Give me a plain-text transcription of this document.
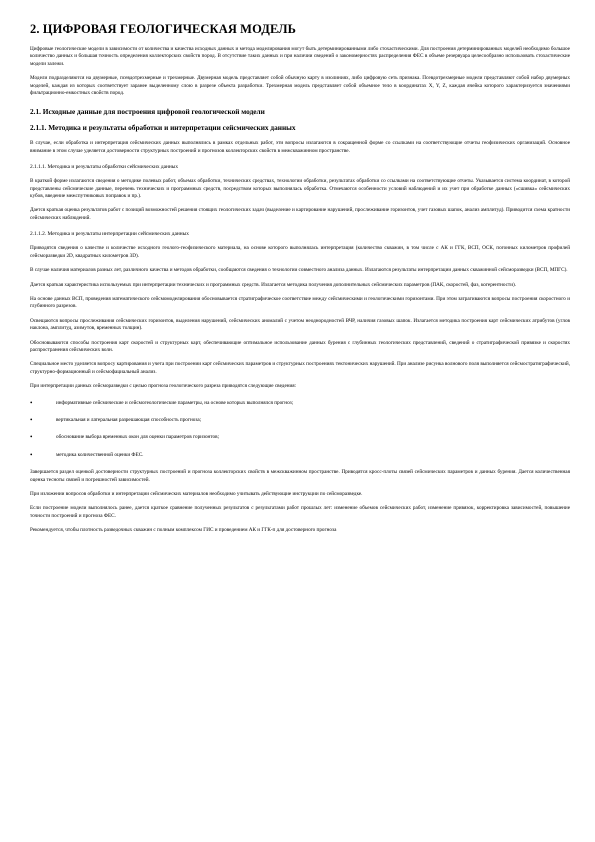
2. ЦИФРОВАЯ ГЕОЛОГИЧЕСКАЯ МОДЕЛЬ

Цифровые геологические модели в зависимости от количества и качества исходных данных и метода моделирования могут быть детерминированными либо стохастическими. Для построения детерминированных моделей необходимо большое количество данных и большая точность определения коллекторских свойств пород. В отсутствие таких данных и при наличии сведений о закономерностях распределения ФЕС в объеме резервуара целесообразно использовать стохастические модели залежи.

Модели подразделяются на двумерные, псевдотрехмерные и трехмерные. Двумерная модель представляет собой обычную карту в изолиниях, либо цифровую сеть признака. Псевдотрехмерные модели представляют собой набор двумерных моделей, каждая из которых соответствует заранее выделенному слою в разрезе объекта разработки. Трехмерная модель представляет собой объемное тело в координатах X, Y, Z, каждая ячейка которого характеризуется значениями фильтрационно-емкостных свойств пород.

2.1. Исходные данные для построения цифровой геологической модели
2.1.1. Методика и результаты обработки и интерпретации сейсмических данных

В случае, если обработка и интерпретация сейсмических данных выполнялись в рамках отдельных работ, эти вопросы излагаются в сокращенной форме со ссылками на соответствующие отчеты геофизических организаций. Основное внимание в этом случае уделяется достоверности структурных построений и прогнозов коллекторских свойств в межскважинном пространстве.

2.1.1.1. Методика и результаты обработки сейсмических данных

В краткой форме излагаются сведения о методике полевых работ, объемах обработки, технических средствах, технологии обработки, результатах обработки со ссылками на соответствующие отчеты. Указывается система координат, в которой представлены сейсмические данные, перечень технических и программных средств, посредством которых выполнялась обработка. Отмечаются особенности условий наблюдений и их учет при обработке данных («сшивка» сейсмических кубов, введение межспутниковых поправок и пр.).

Дается краткая оценка результатов работ с позиций возможностей решения стоящих геологических задач (выделение и картирование нарушений, прослеживание горизонтов, учет газовых шапок, анализ амплитуд). Приводится схема кратности сейсмических наблюдений.

2.1.1.2. Методика и результаты интерпретации сейсмических данных

Приводятся сведения о качестве и количестве исходного геолого-геофизического материала, на основе которого выполнялась интерпретация (количество скважин, в том числе с АК и ГГК, ВСП, ОСК, погонных километров профилей сейсморазведки 2D, квадратных километров 3D).

В случае наличия материалов разных лет, различного качества и методов обработки, сообщаются сведения о технологии совместного анализа данных. Излагаются результаты интерпретации данных скважинной сейсморазведки (ВСП, МПГС).

Дается краткая характеристика используемых при интерпретации технических и программных средств. Излагается методика получения дополнительных сейсмических параметров (ПАК, скоростей, фаз, когерентности).

На основе данных ВСП, проведения математического сейсмомоделирования обосновывается стратиграфическое соответствие между сейсмическими и геологическими горизонтами. При этом затрагиваются вопросы построения скоростного и глубинного разрезов.

Освещаются вопросы прослеживания сейсмических горизонтов, выделения нарушений, сейсмических аномалий с учетом неоднородностей ВЧР, наличия газовых шапок. Излагается методика построения карт сейсмических атрибутов (углов наклона, амплитуд, азимутов, временных толщин).

Обосновываются способы построения карт скоростей и структурных карт, обеспечивающие оптимальное использование данных бурения с глубинных геологических представлений, сведений о стратиграфической привязке и скоростях распространения сейсмических волн.

Специальное место уделяется вопросу картирования и учета при построении карт сейсмических параметров и структурных построениях тектонических нарушений. При анализе рисунка волнового поля выполняется сейсмостратиграфический, структурно-формационный и сейсмофациальный анализ.

При интерпретации данных сейсморазведки с целью прогноза геологического разреза приводятся следующие сведения:

•	информативные сейсмические и сейсмогеологические параметры, на основе которых выполнялся прогноз;
•	вертикальная и латеральная разрешающая способность прогноза;
•	обоснование выбора временных окон для оценки параметров горизонтов;
•	методика количественной оценки ФЕС.

Завершается раздел оценкой достоверности структурных построений и прогноза коллекторских свойств в межскважинном пространстве. Приводятся кросс-плоты связей сейсмических параметров и данных бурения. Дается количественная оценка тесноты связей и погрешностей зависимостей.

При изложении вопросов обработки и интерпретации сейсмических материалов необходимо учитывать действующие инструкции по сейсморазведке.

Если построение модели выполнялось ранее, дается краткое сравнение полученных результатов с результатами работ прошлых лет: изменение объемов сейсмических работ, изменение привязок, корректировка зависимостей, повышение точности построений и прогноза ФЕС.

Рекомендуется, чтобы плотность разведочных скважин с полным комплексом ГИС и проведением АК и ГГК-п для достоверного прогноза
